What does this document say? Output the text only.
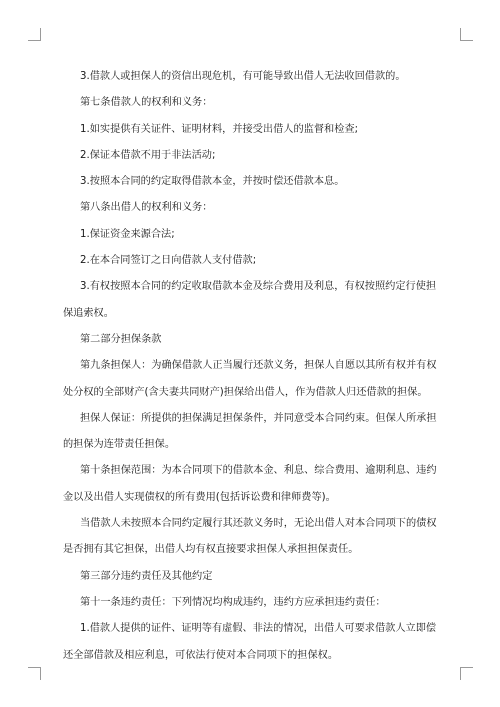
3.借款人或担保人的资信出现危机，有可能导致出借人无法收回借款的。

第七条借款人的权利和义务：

1.如实提供有关证件、证明材料，并接受出借人的监督和检查;

2.保证本借款不用于非法活动;

3.按照本合同的约定取得借款本金，并按时偿还借款本息。

第八条出借人的权利和义务：

1.保证资金来源合法;

2.在本合同签订之日向借款人支付借款;

3.有权按照本合同的约定收取借款本金及综合费用及利息，有权按照约定行使担保追索权。

第二部分担保条款

第九条担保人：为确保借款人正当履行还款义务，担保人自愿以其所有权并有权处分权的全部财产(含夫妻共同财产)担保给出借人，作为借款人归还借款的担保。

担保人保证：所提供的担保满足担保条件，并同意受本合同约束。但保人所承担的担保为连带责任担保。

第十条担保范围：为本合同项下的借款本金、利息、综合费用、逾期利息、违约金以及出借人实现债权的所有费用(包括诉讼费和律师费等)。

当借款人未按照本合同约定履行其还款义务时，无论出借人对本合同项下的债权是否拥有其它担保，出借人均有权直接要求担保人承担担保责任。

第三部分违约责任及其他约定

第十一条违约责任：下列情况均构成违约，违约方应承担违约责任：

1.借款人提供的证件、证明等有虚假、非法的情况，出借人可要求借款人立即偿还全部借款及相应利息，可依法行使对本合同项下的担保权。
